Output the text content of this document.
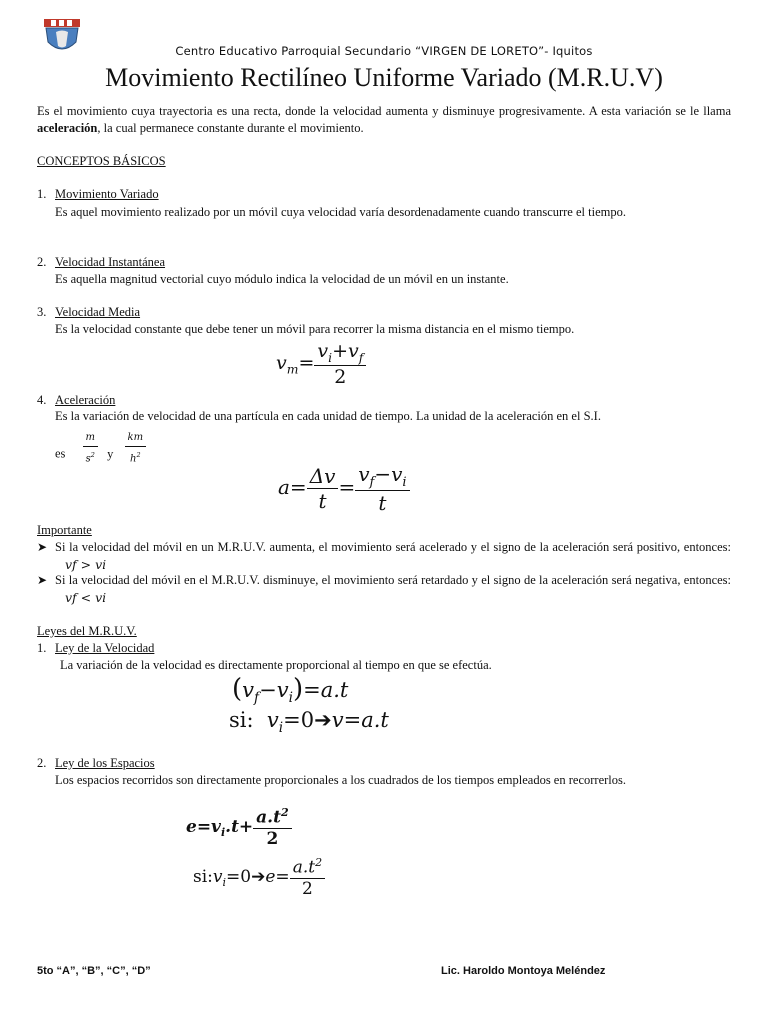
Centro Educativo Parroquial Secundario “VIRGEN DE LORETO”- Iquitos
Movimiento Rectilíneo Uniforme Variado (M.R.U.V)
Es el movimiento cuya trayectoria es una recta, donde la velocidad aumenta y disminuye progresivamente. A esta variación se le llama aceleración, la cual permanece constante durante el movimiento.
CONCEPTOS BÁSICOS
1. Movimiento Variado
Es aquel movimiento realizado por un móvil cuya velocidad varía desordenadamente cuando transcurre el tiempo.
2. Velocidad Instantánea
Es aquella magnitud vectorial cuyo módulo indica la velocidad de un móvil en un instante.
3. Velocidad Media
Es la velocidad constante que debe tener un móvil para recorrer la misma distancia en el mismo tiempo.
$v_m= \frac{v_i+v_f}{2}$
4. Aceleración
Es la variación de velocidad de una partícula en cada unidad de tiempo. La unidad de la aceleración en el S.I.
es $^{\frac{m}{s^2}}$ y $^{\frac{km}{h^2}}$
$a= \frac{\Delta v}{t} = \frac{v_f-v_i}{t}$
Importante
➤ Si la velocidad del móvil en un M.R.U.V. aumenta, el movimiento será acelerado y el signo de la aceleración será positivo, entonces: vf > vi
➤ Si la velocidad del móvil en el M.R.U.V. disminuye, el movimiento será retardado y el signo de la aceleración será negativa, entonces: vf < vi
Leyes del M.R.U.V.
1. Ley de la Velocidad
La variación de la velocidad es directamente proporcional al tiempo en que se efectúa.
$(v_f-v_i)=a.t$
si:  $v_i=0➔v=a.t$
2. Ley de los Espacios
Los espacios recorridos son directamente proporcionales a los cuadrados de los tiempos empleados en recorrerlos.
$e=v_i.t+ \frac{a.t^2}{2}$
$si:v_i=0➔e= \frac{a.t^2}{2}$
5to “A”, “B”, “C”, “D”	Lic. Haroldo Montoya Meléndez
